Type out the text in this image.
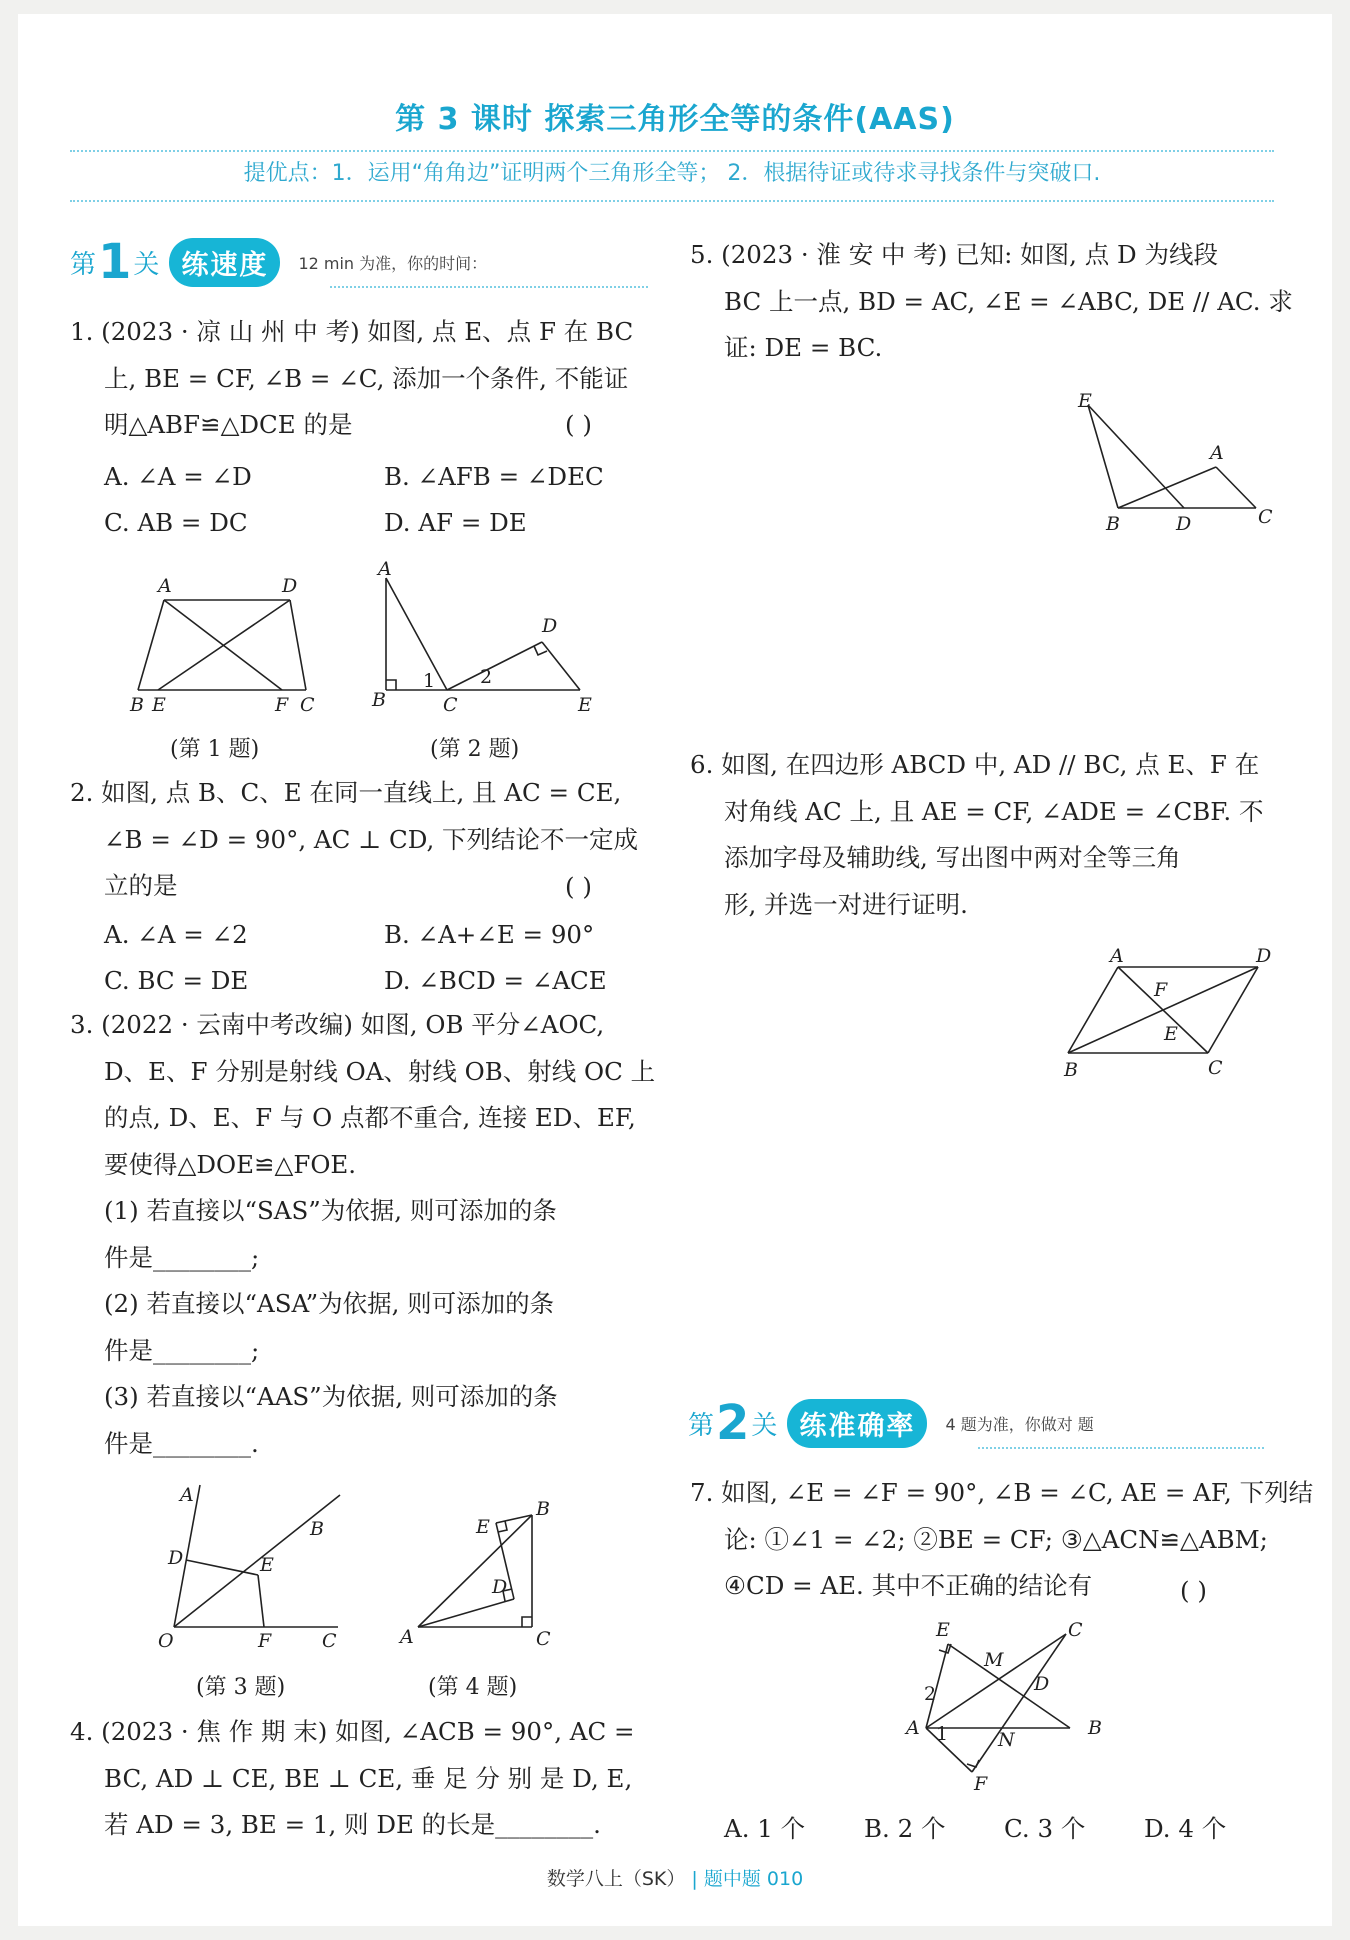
第 3 课时 探索三角形全等的条件(AAS)
提优点：1．运用“角角边”证明两个三角形全等； 2．根据待证或待求寻找条件与突破口.
第 1 关 练速度	12 min 为准，你的时间：
1. (2023 · 凉 山 州 中 考) 如图, 点 E、点 F 在 BC
上, BE = CF, ∠B = ∠C, 添加一个条件, 不能证
明△ABF≌△DCE 的是	( )
A. ∠A = ∠D	B. ∠AFB = ∠DEC
C. AB = DC	D. AF = DE
A	D
B E	F C
A
D
B	C	E
1 2
(第 1 题)	(第 2 题)
2. 如图, 点 B、C、E 在同一直线上, 且 AC = CE,
∠B = ∠D = 90°, AC ⊥ CD, 下列结论不一定成
立的是	( )
A. ∠A = ∠2	B. ∠A+∠E = 90°
C. BC = DE	D. ∠BCD = ∠ACE
3. (2022 · 云南中考改编) 如图, OB 平分∠AOC,
D、E、F 分别是射线 OA、射线 OB、射线 OC 上
的点, D、E、F 与 O 点都不重合, 连接 ED、EF,
要使得△DOE≌△FOE.
(1) 若直接以“SAS”为依据, 则可添加的条
件是________;
(2) 若直接以“ASA”为依据, 则可添加的条
件是________;
(3) 若直接以“AAS”为依据, 则可添加的条
件是________.
A
D
B
E
O	F	C
E
B
D
A	C
(第 3 题)	(第 4 题)
4. (2023 · 焦 作 期 末) 如图, ∠ACB = 90°, AC =
BC, AD ⊥ CE, BE ⊥ CE, 垂 足 分 别 是 D, E,
若 AD = 3, BE = 1, 则 DE 的长是________.
5. (2023 · 淮 安 中 考) 已知: 如图, 点 D 为线段
BC 上一点, BD = AC, ∠E = ∠ABC, DE // AC. 求
证: DE = BC.
E
A
B	D	C
6. 如图, 在四边形 ABCD 中, AD // BC, 点 E、F 在
对角线 AC 上, 且 AE = CF, ∠ADE = ∠CBF. 不
添加字母及辅助线, 写出图中两对全等三角
形, 并选一对进行证明.
A	D
F
E
B	C
第 2 关 练准确率	4 题为准，你做对 题
7. 如图, ∠E = ∠F = 90°, ∠B = ∠C, AE = AF, 下列结
论: ①∠1 = ∠2; ②BE = CF; ③△ACN≌△ABM;
④CD = AE. 其中不正确的结论有	( )
E	C
M
D
2
A 1	N
B
F
A. 1 个 B. 2 个 C. 3 个 D. 4 个
数学八上（SK） | 题中题 010
